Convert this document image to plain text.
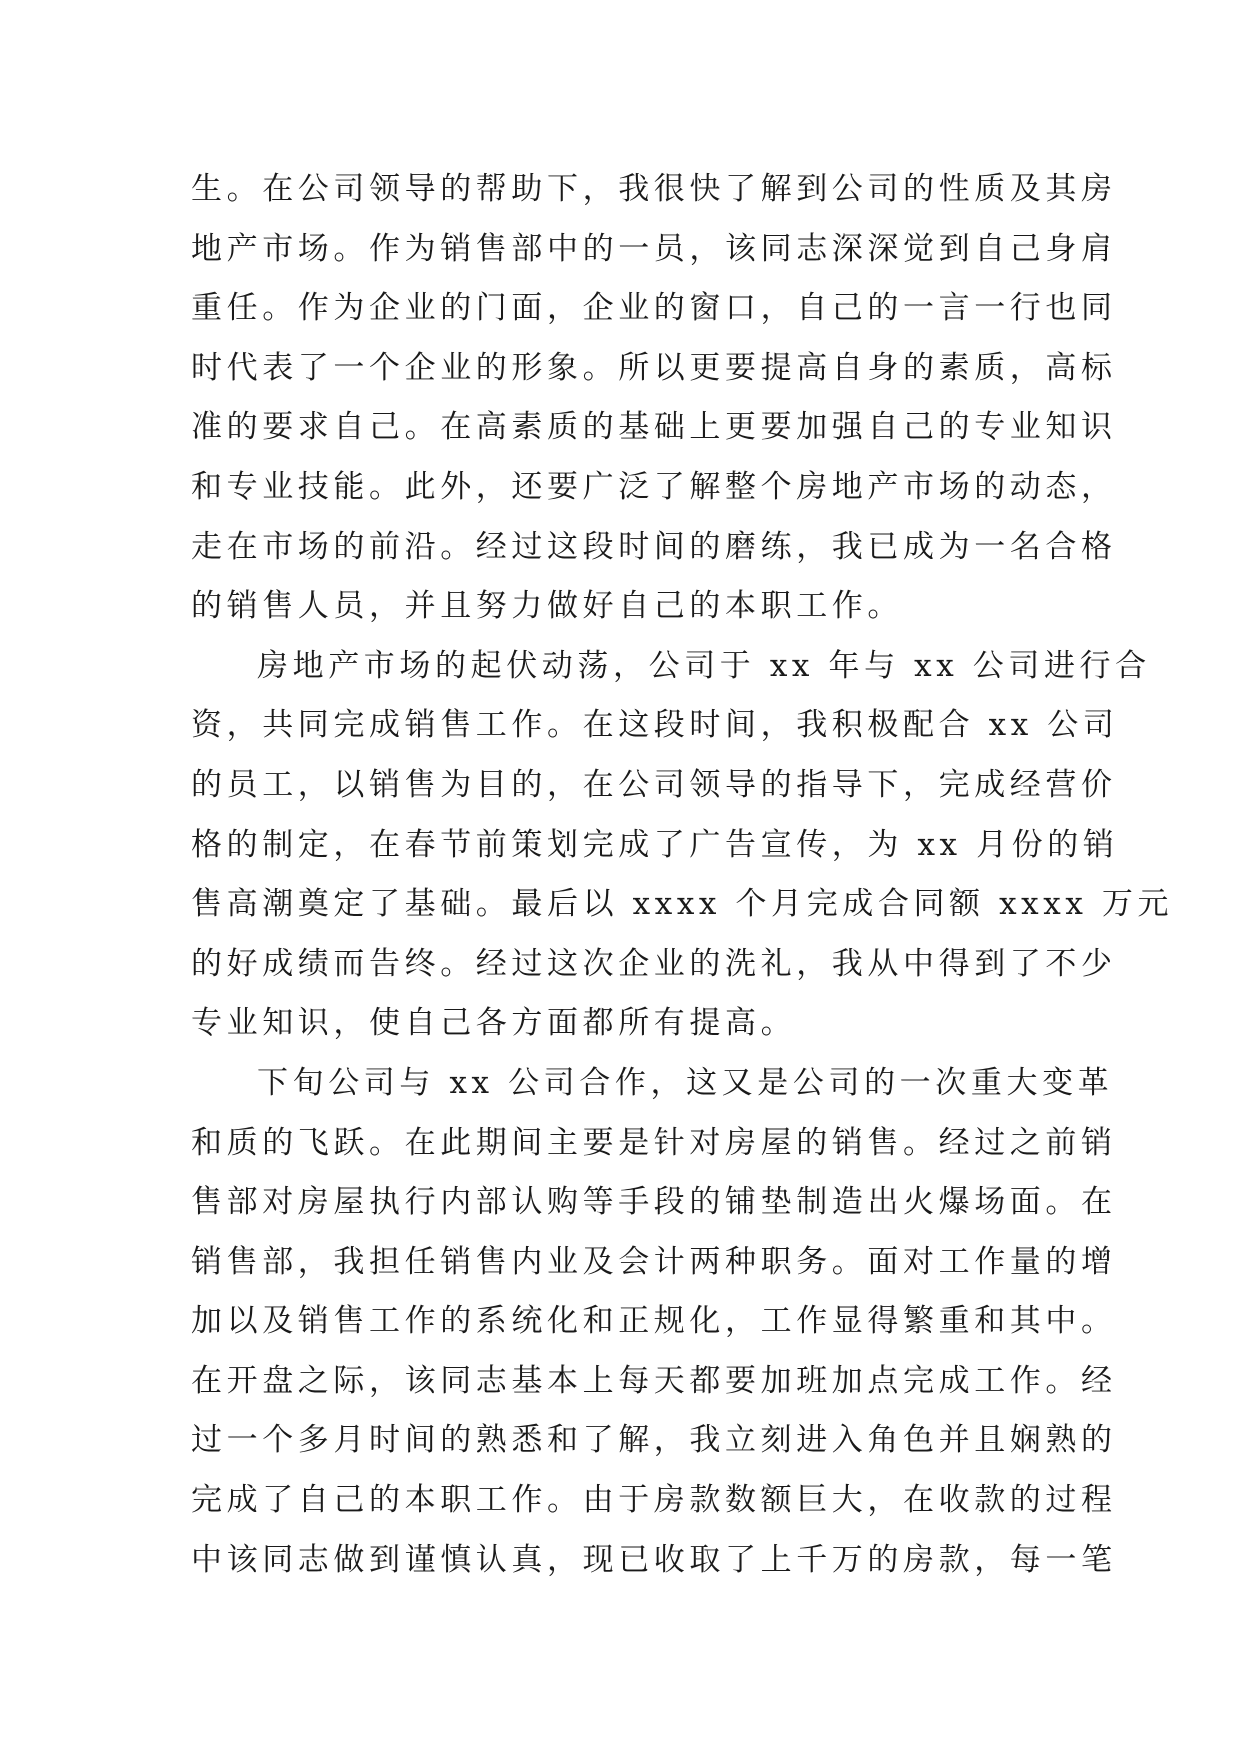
生。在公司领导的帮助下，我很快了解到公司的性质及其房
地产市场。作为销售部中的一员，该同志深深觉到自己身肩
重任。作为企业的门面，企业的窗口，自己的一言一行也同
时代表了一个企业的形象。所以更要提高自身的素质，高标
准的要求自己。在高素质的基础上更要加强自己的专业知识
和专业技能。此外，还要广泛了解整个房地产市场的动态，
走在市场的前沿。经过这段时间的磨练，我已成为一名合格
的销售人员，并且努力做好自己的本职工作。
房地产市场的起伏动荡，公司于 xx 年与 xx 公司进行合
资，共同完成销售工作。在这段时间，我积极配合 xx 公司
的员工，以销售为目的，在公司领导的指导下，完成经营价
格的制定，在春节前策划完成了广告宣传，为 xx 月份的销
售高潮奠定了基础。最后以 xxxx 个月完成合同额 xxxx 万元
的好成绩而告终。经过这次企业的洗礼，我从中得到了不少
专业知识，使自己各方面都所有提高。
下旬公司与 xx 公司合作，这又是公司的一次重大变革
和质的飞跃。在此期间主要是针对房屋的销售。经过之前销
售部对房屋执行内部认购等手段的铺垫制造出火爆场面。在
销售部，我担任销售内业及会计两种职务。面对工作量的增
加以及销售工作的系统化和正规化，工作显得繁重和其中。
在开盘之际，该同志基本上每天都要加班加点完成工作。经
过一个多月时间的熟悉和了解，我立刻进入角色并且娴熟的
完成了自己的本职工作。由于房款数额巨大，在收款的过程
中该同志做到谨慎认真，现已收取了上千万的房款，每一笔
